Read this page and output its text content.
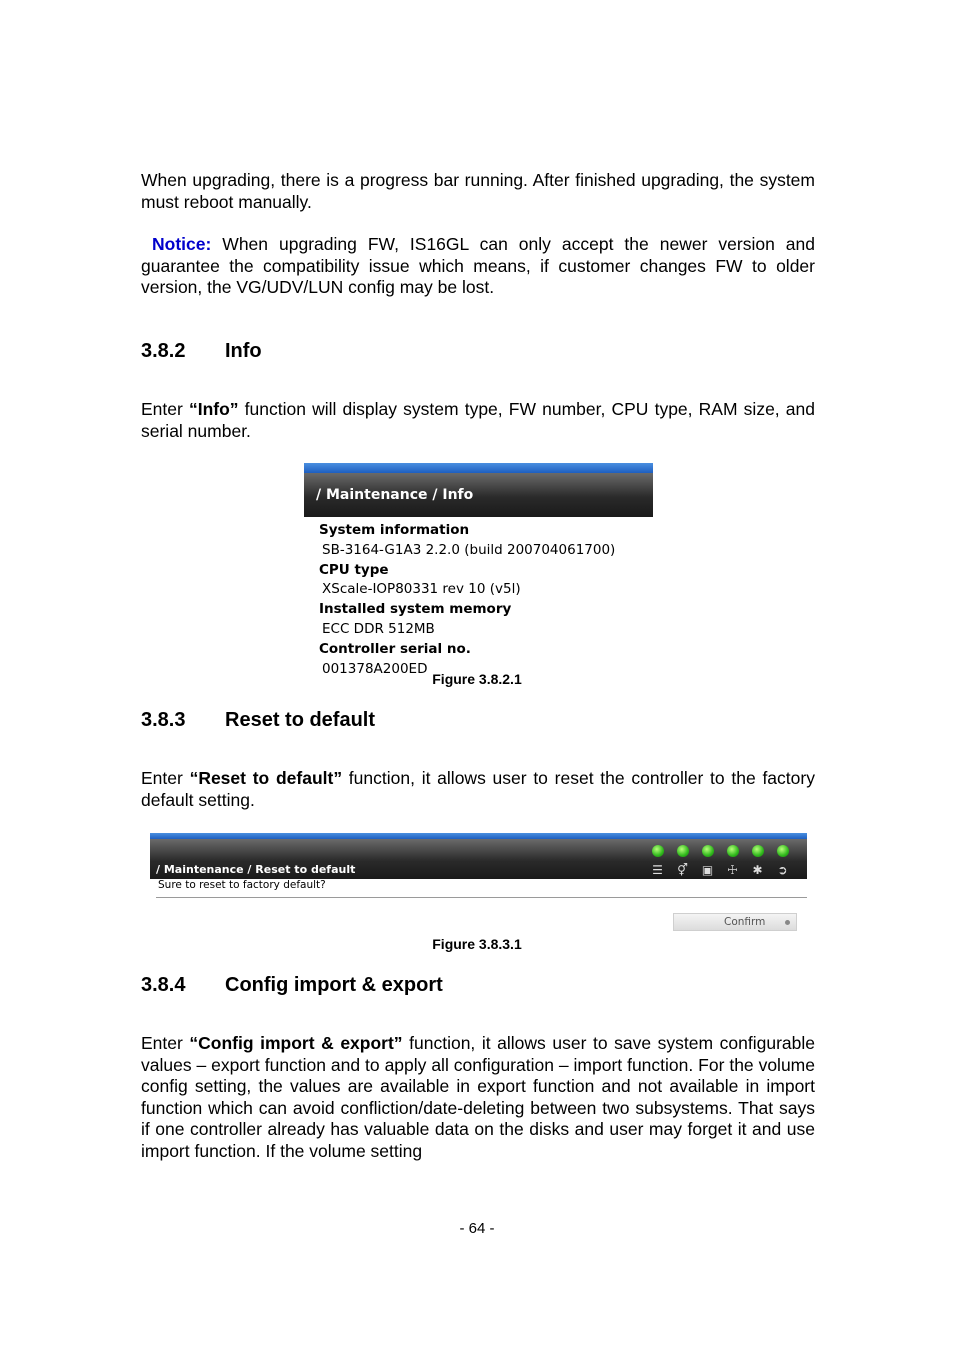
When upgrading, there is a progress bar running. After finished upgrading, the system must reboot manually.

Notice: When upgrading FW, IS16GL can only accept the newer version and guarantee the compatibility issue which means, if customer changes FW to older version, the VG/UDV/LUN config may be lost.

3.8.2 Info

Enter “Info” function will display system type, FW number, CPU type, RAM size, and serial number.

/ Maintenance / Info
System information
SB-3164-G1A3 2.2.0 (build 200704061700)
CPU type
XScale-IOP80331 rev 10 (v5l)
Installed system memory
ECC DDR 512MB
Controller serial no.
001378A200ED
Figure 3.8.2.1
3.8.3 Reset to default

Enter “Reset to default” function, it allows user to reset the controller to the factory default setting.

/ Maintenance / Reset to default	☰ ⚥ ▣ ☩ ✱ ➲
Sure to reset to factory default?
Confirm
Figure 3.8.3.1
3.8.4 Config import & export

Enter “Config import & export” function, it allows user to save system configurable values – export function and to apply all configuration – import function. For the volume config setting, the values are available in export function and not available in import function which can avoid confliction/date-deleting between two subsystems. That says if one controller already has valuable data on the disks and user may forget it and use import function. If the volume setting

- 64 -
